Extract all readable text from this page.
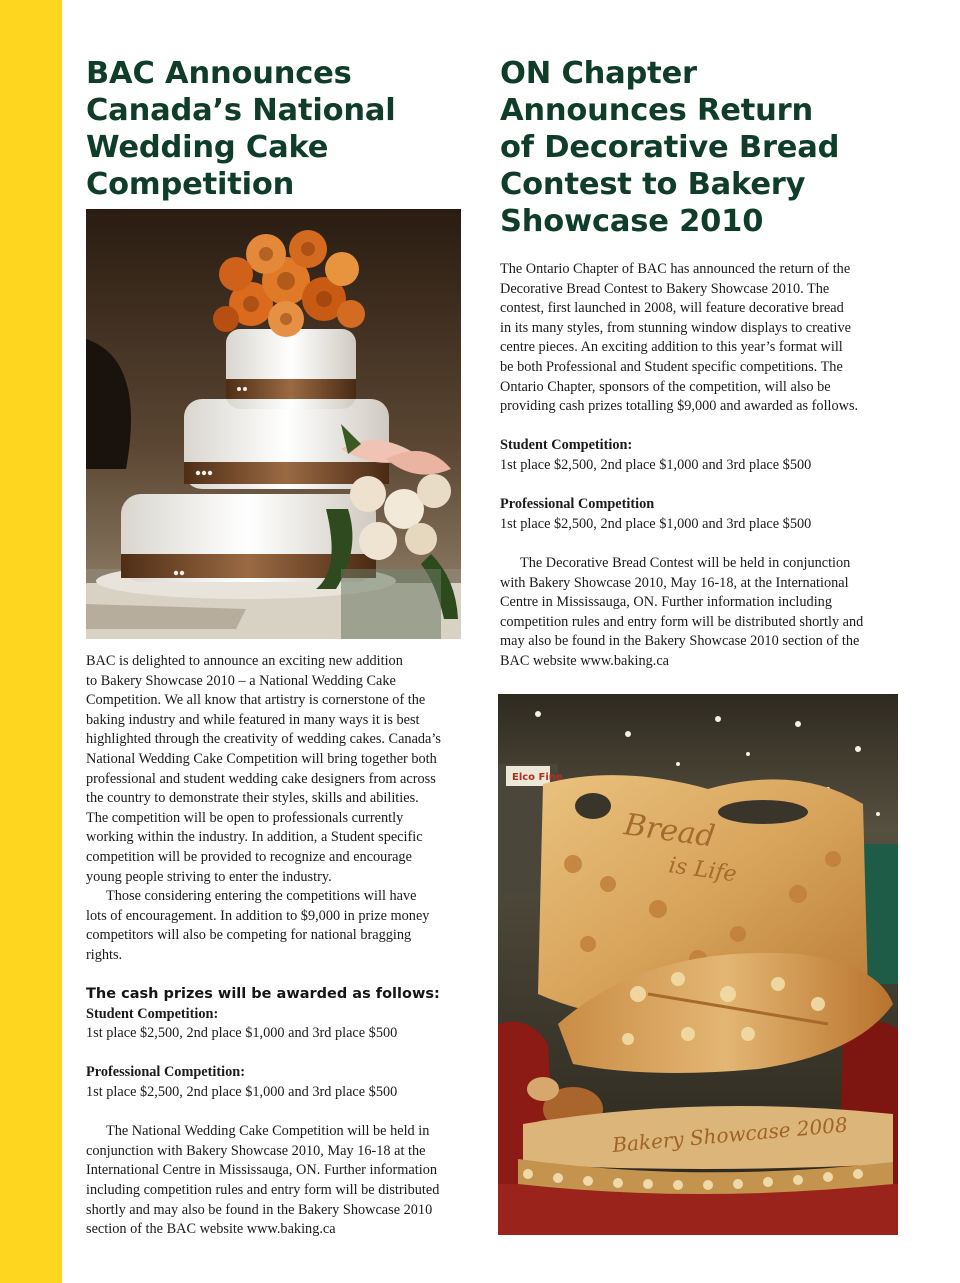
BAC Announces
Canada’s National
Wedding Cake
Competition
BAC is delighted to announce an exciting new addition
to Bakery Showcase 2010 – a National Wedding Cake
Competition. We all know that artistry is cornerstone of the
baking industry and while featured in many ways it is best
highlighted through the creativity of wedding cakes. Canada’s
National Wedding Cake Competition will bring together both
professional and student wedding cake designers from across
the country to demonstrate their styles, skills and abilities.
The competition will be open to professionals currently
working within the industry. In addition, a Student specific
competition will be provided to recognize and encourage
young people striving to enter the industry.
Those considering entering the competitions will have
lots of encouragement. In addition to $9,000 in prize money
competitors will also be competing for national bragging
rights.
The cash prizes will be awarded as follows:
Student Competition:
1st place $2,500, 2nd place $1,000 and 3rd place $500
Professional Competition:
1st place $2,500, 2nd place $1,000 and 3rd place $500
The National Wedding Cake Competition will be held in
conjunction with Bakery Showcase 2010, May 16-18 at the
International Centre in Mississauga, ON. Further information
including competition rules and entry form will be distributed
shortly and may also be found in the Bakery Showcase 2010
section of the BAC website www.baking.ca
ON Chapter
Announces Return
of Decorative Bread
Contest to Bakery
Showcase 2010
The Ontario Chapter of BAC has announced the return of the
Decorative Bread Contest to Bakery Showcase 2010. The
contest, first launched in 2008, will feature decorative bread
in its many styles, from stunning window displays to creative
centre pieces. An exciting addition to this year’s format will
be both Professional and Student specific competitions. The
Ontario Chapter, sponsors of the competition, will also be
providing cash prizes totalling $9,000 and awarded as follows.
Student Competition:
1st place $2,500, 2nd place $1,000 and 3rd place $500
Professional Competition
1st place $2,500, 2nd place $1,000 and 3rd place $500
The Decorative Bread Contest will be held in conjunction
with Bakery Showcase 2010, May 16-18, at the International
Centre in Mississauga, ON. Further information including
competition rules and entry form will be distributed shortly and
may also be found in the Bakery Showcase 2010 section of the
BAC website www.baking.ca
Elco Fine
Bread
is Life
Bakery Showcase 2008
